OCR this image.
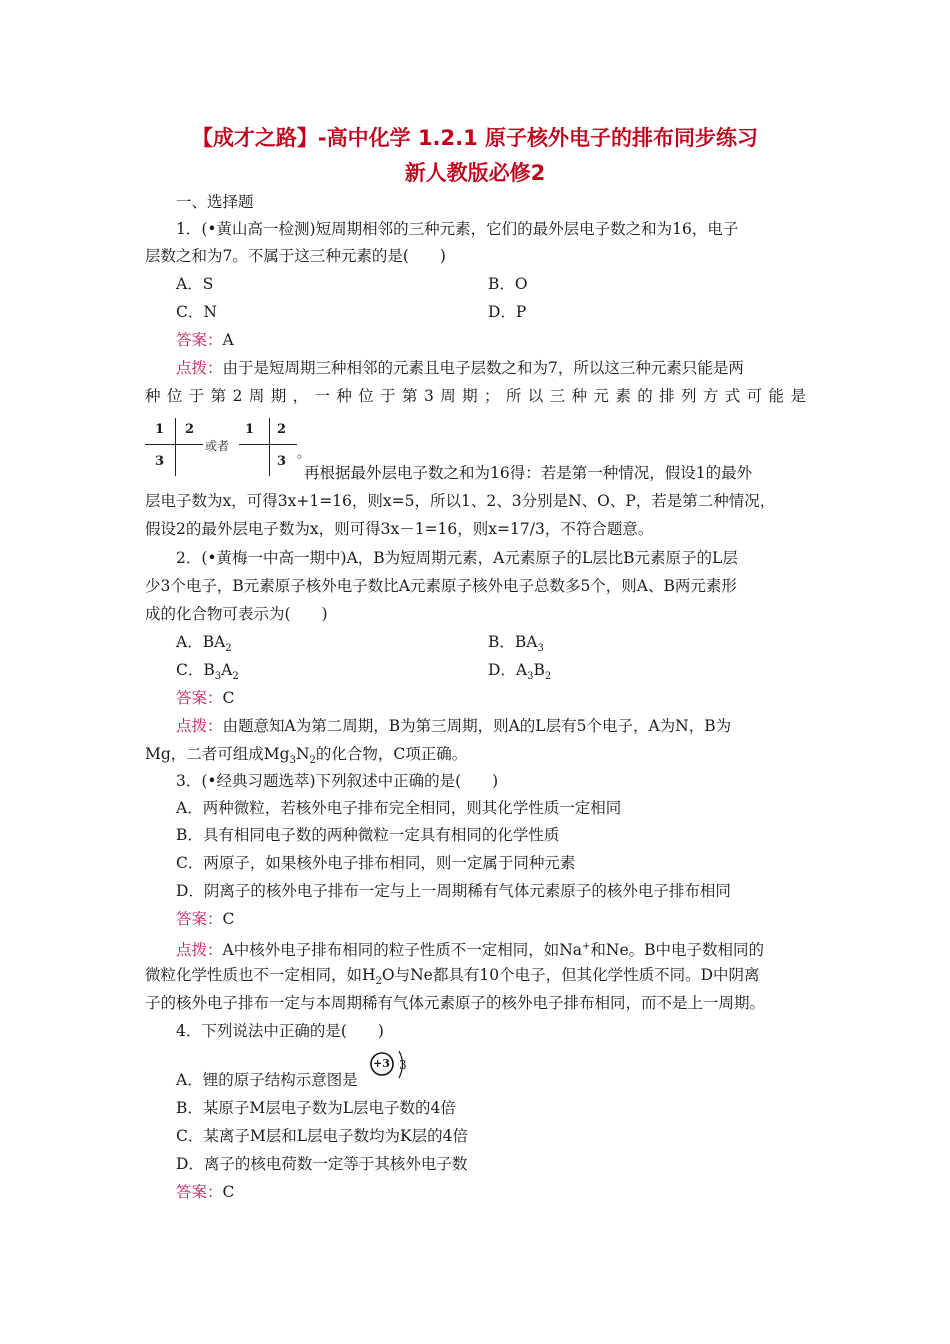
【成才之路】-高中化学 1.2.1 原子核外电子的排布同步练习
新人教版必修2
一、选择题
1．(•黄山高一检测)短周期相邻的三种元素，它们的最外层电子数之和为16，电子
层数之和为7。不属于这三种元素的是(　　)
A．S	B．O
C．N	D．P
答案：A
点拨：由于是短周期三种相邻的元素且电子层数之和为7，所以这三种元素只能是两
种 位 于 第 2 周 期 ， 一 种 位 于 第 3 周 期 ； 所 以 三 种 元 素 的 排 列 方 式 可 能 是
1 2
3
或者
1 2
3
。
再根据最外层电子数之和为16得：若是第一种情况，假设1的最外
层电子数为x，可得3x+1=16，则x=5，所以1、2、3分别是N、O、P，若是第二种情况，
假设2的最外层电子数为x，则可得3x－1=16，则x=17/3，不符合题意。
2．(•黄梅一中高一期中)A，B为短周期元素，A元素原子的L层比B元素原子的L层
少3个电子，B元素原子核外电子数比A元素原子核外电子总数多5个，则A、B两元素形
成的化合物可表示为(　　)
A．$BA_2$	B．$BA_3$
C．$B_3A_2$	D．$A_3B_2$
答案：C
点拨：由题意知A为第二周期，B为第三周期，则A的L层有5个电子，A为N，B为
Mg，二者可组成$Mg_3N_2$的化合物，C项正确。
3．(•经典习题选萃)下列叙述中正确的是(　　)
A．两种微粒，若核外电子排布完全相同，则其化学性质一定相同
B．具有相同电子数的两种微粒一定具有相同的化学性质
C．两原子，如果核外电子排布相同，则一定属于同种元素
D．阴离子的核外电子排布一定与上一周期稀有气体元素原子的核外电子排布相同
答案：C
点拨：A中核外电子排布相同的粒子性质不一定相同，如Na+和Ne。B中电子数相同的
微粒化学性质也不一定相同，如$H_2O$与Ne都具有10个电子，但其化学性质不同。D中阴离
子的核外电子排布一定与本周期稀有气体元素原子的核外电子排布相同，而不是上一周期。
4．下列说法中正确的是(　　)
A．锂的原子结构示意图是
+3 3
B．某原子M层电子数为L层电子数的4倍
C．某离子M层和L层电子数均为K层的4倍
D．离子的核电荷数一定等于其核外电子数
答案：C
